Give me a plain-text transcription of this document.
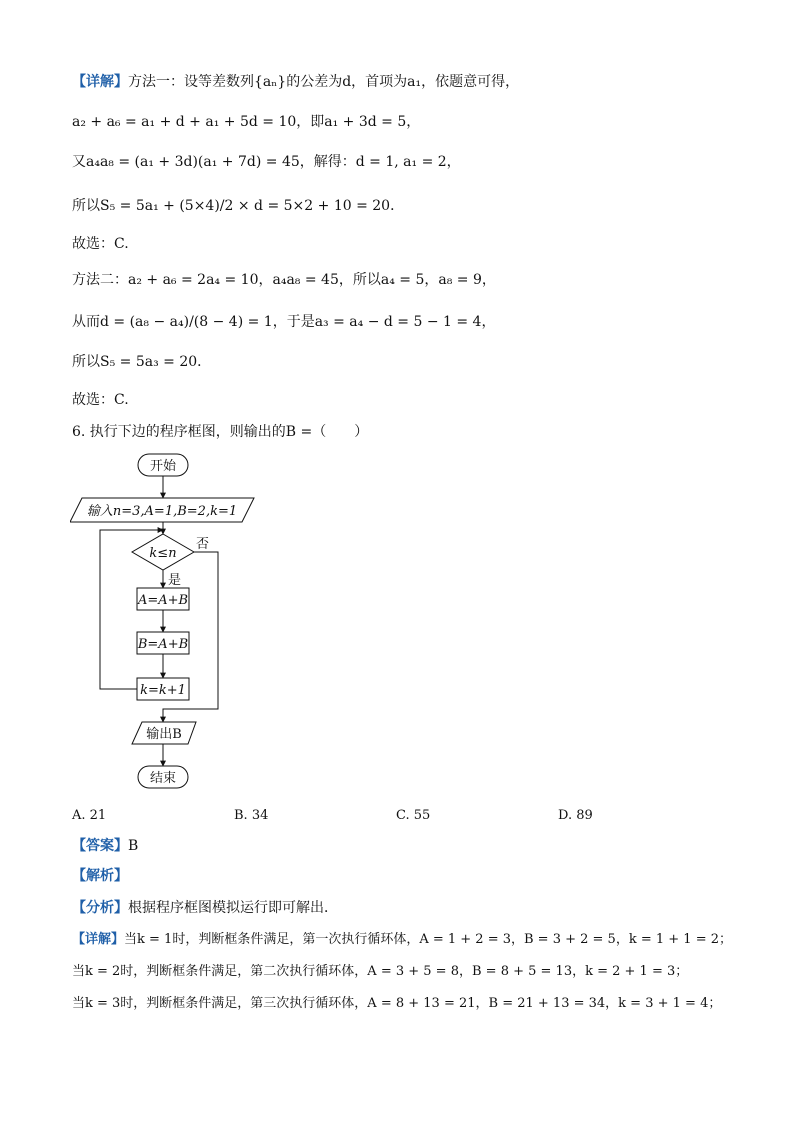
【详解】方法一：设等差数列{aₙ}的公差为d，首项为a₁，依题意可得，
a₂ + a₆ = a₁ + d + a₁ + 5d = 10，即a₁ + 3d = 5，
又a₄a₈ = (a₁ + 3d)(a₁ + 7d) = 45，解得：d = 1, a₁ = 2，
所以S₅ = 5a₁ + (5×4)/2 × d = 5×2 + 10 = 20．
故选：C.
方法二：a₂ + a₆ = 2a₄ = 10，a₄a₈ = 45，所以a₄ = 5，a₈ = 9，
从而d = (a₈ − a₄)/(8 − 4) = 1，于是a₃ = a₄ − d = 5 − 1 = 4，
所以S₅ = 5a₃ = 20．
故选：C.
6. 执行下边的程序框图，则输出的B =（　　）
开始
输入n=3,A=1,B=2,k=1
k≤n
否
是
A=A+B
B=A+B
k=k+1
输出B
结束
A. 21	B. 34	C. 55	D. 89
【答案】B
【解析】
【分析】根据程序框图模拟运行即可解出．
【详解】当k = 1时，判断框条件满足，第一次执行循环体，A = 1 + 2 = 3，B = 3 + 2 = 5，k = 1 + 1 = 2；
当k = 2时，判断框条件满足，第二次执行循环体，A = 3 + 5 = 8，B = 8 + 5 = 13，k = 2 + 1 = 3；
当k = 3时，判断框条件满足，第三次执行循环体，A = 8 + 13 = 21，B = 21 + 13 = 34，k = 3 + 1 = 4；
